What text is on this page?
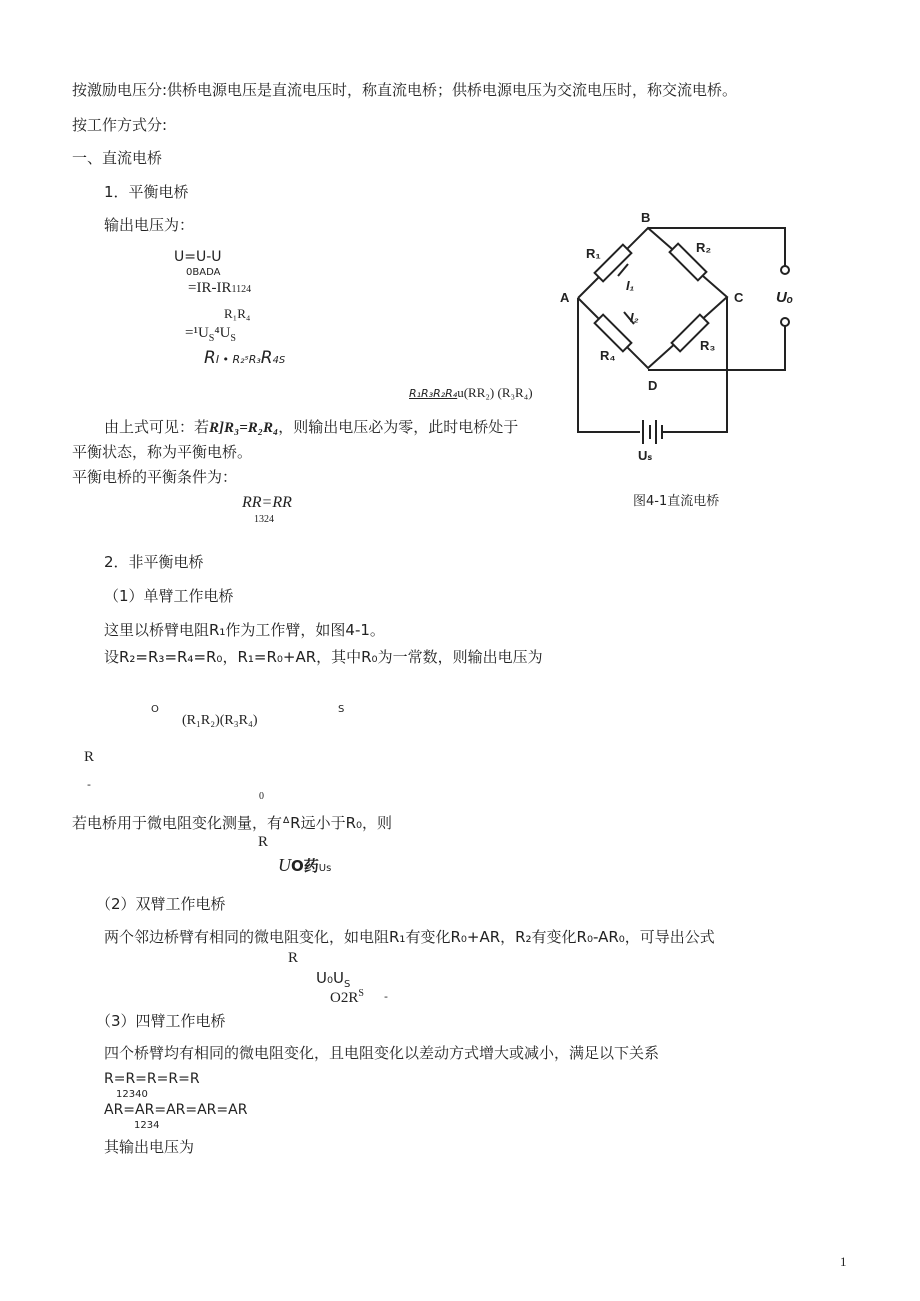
按激励电压分:供桥电源电压是直流电压时，称直流电桥；供桥电源电压为交流电压时，称交流电桥。
按工作方式分:
一、直流电桥
1．平衡电桥
输出电压为：
U=U-U
0BADA
=IR-IR1124
R₁R₄
$=^1U_S^4U_S$
RI • R₂ˢR₃R4S
R₁R₃R₂R₄u(RR₂) (R₃R₄)
由上式可见：若R]R₃=R₂R₄，则输出电压必为零，此时电桥处于
平衡状态，称为平衡电桥。
平衡电桥的平衡条件为：
RR=RR
1324
A
B
C
D
R₁	R₂
R₃
R₄
I₁
I₂
Uₒ
Uₛ
图4-1直流电桥
2．非平衡电桥
（1）单臂工作电桥
这里以桥臂电阻R₁作为工作臂，如图4-1。
设R₂=R₃=R₄=R₀，R₁=R₀+AR，其中R₀为一常数，则输出电压为
O
(R₁R₂)(R₃R₄)
S
R
-
0
若电桥用于微电阻变化测量，有ᐞR远小于R₀，则
R
UO药Us
（2）双臂工作电桥
两个邻边桥臂有相同的微电阻变化，如电阻R₁有变化R₀+AR，R₂有变化R₀-AR₀，可导出公式
R
$U_0U_S$
$O2R^S$ -
（3）四臂工作电桥
四个桥臂均有相同的微电阻变化，且电阻变化以差动方式增大或减小，满足以下关系
R=R=R=R=R
12340
AR=AR=AR=AR=AR
1234
其输出电压为
1
